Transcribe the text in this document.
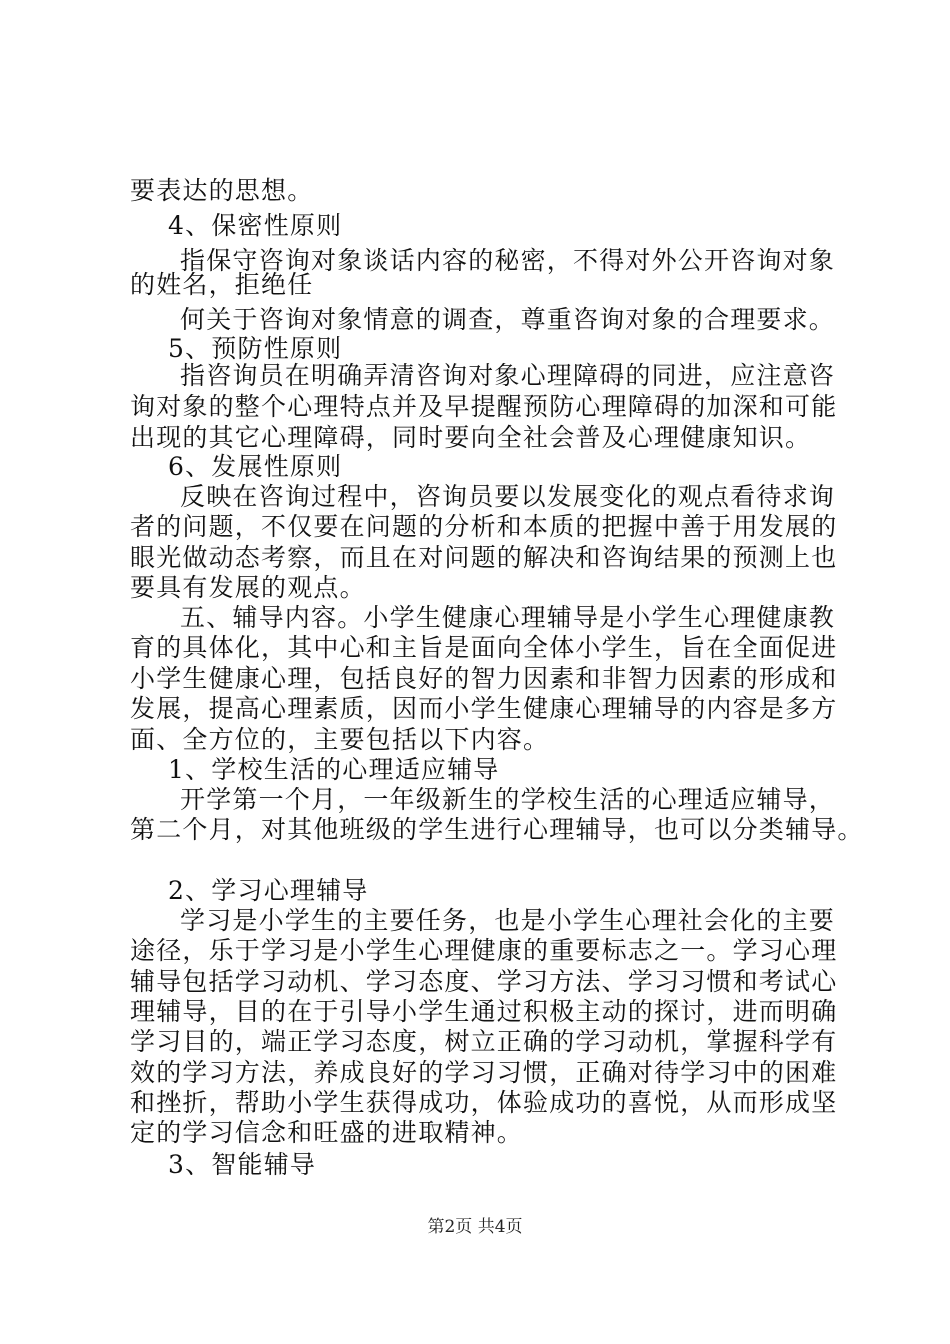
要表达的思想。
4、保密性原则
指保守咨询对象谈话内容的秘密，不得对外公开咨询对象
的姓名，拒绝任
何关于咨询对象情意的调查，尊重咨询对象的合理要求。
5、预防性原则
指咨询员在明确弄清咨询对象心理障碍的同进，应注意咨
询对象的整个心理特点并及早提醒预防心理障碍的加深和可能
出现的其它心理障碍，同时要向全社会普及心理健康知识。
6、发展性原则
反映在咨询过程中，咨询员要以发展变化的观点看待求询
者的问题，不仅要在问题的分析和本质的把握中善于用发展的
眼光做动态考察，而且在对问题的解决和咨询结果的预测上也
要具有发展的观点。
五、辅导内容。小学生健康心理辅导是小学生心理健康教
育的具体化，其中心和主旨是面向全体小学生，旨在全面促进
小学生健康心理，包括良好的智力因素和非智力因素的形成和
发展，提高心理素质，因而小学生健康心理辅导的内容是多方
面、全方位的，主要包括以下内容。
1、学校生活的心理适应辅导
开学第一个月，一年级新生的学校生活的心理适应辅导，
第二个月，对其他班级的学生进行心理辅导，也可以分类辅导。
2、学习心理辅导
学习是小学生的主要任务，也是小学生心理社会化的主要
途径，乐于学习是小学生心理健康的重要标志之一。学习心理
辅导包括学习动机、学习态度、学习方法、学习习惯和考试心
理辅导，目的在于引导小学生通过积极主动的探讨，进而明确
学习目的，端正学习态度，树立正确的学习动机，掌握科学有
效的学习方法，养成良好的学习习惯，正确对待学习中的困难
和挫折，帮助小学生获得成功，体验成功的喜悦，从而形成坚
定的学习信念和旺盛的进取精神。
3、智能辅导
第2页 共4页
